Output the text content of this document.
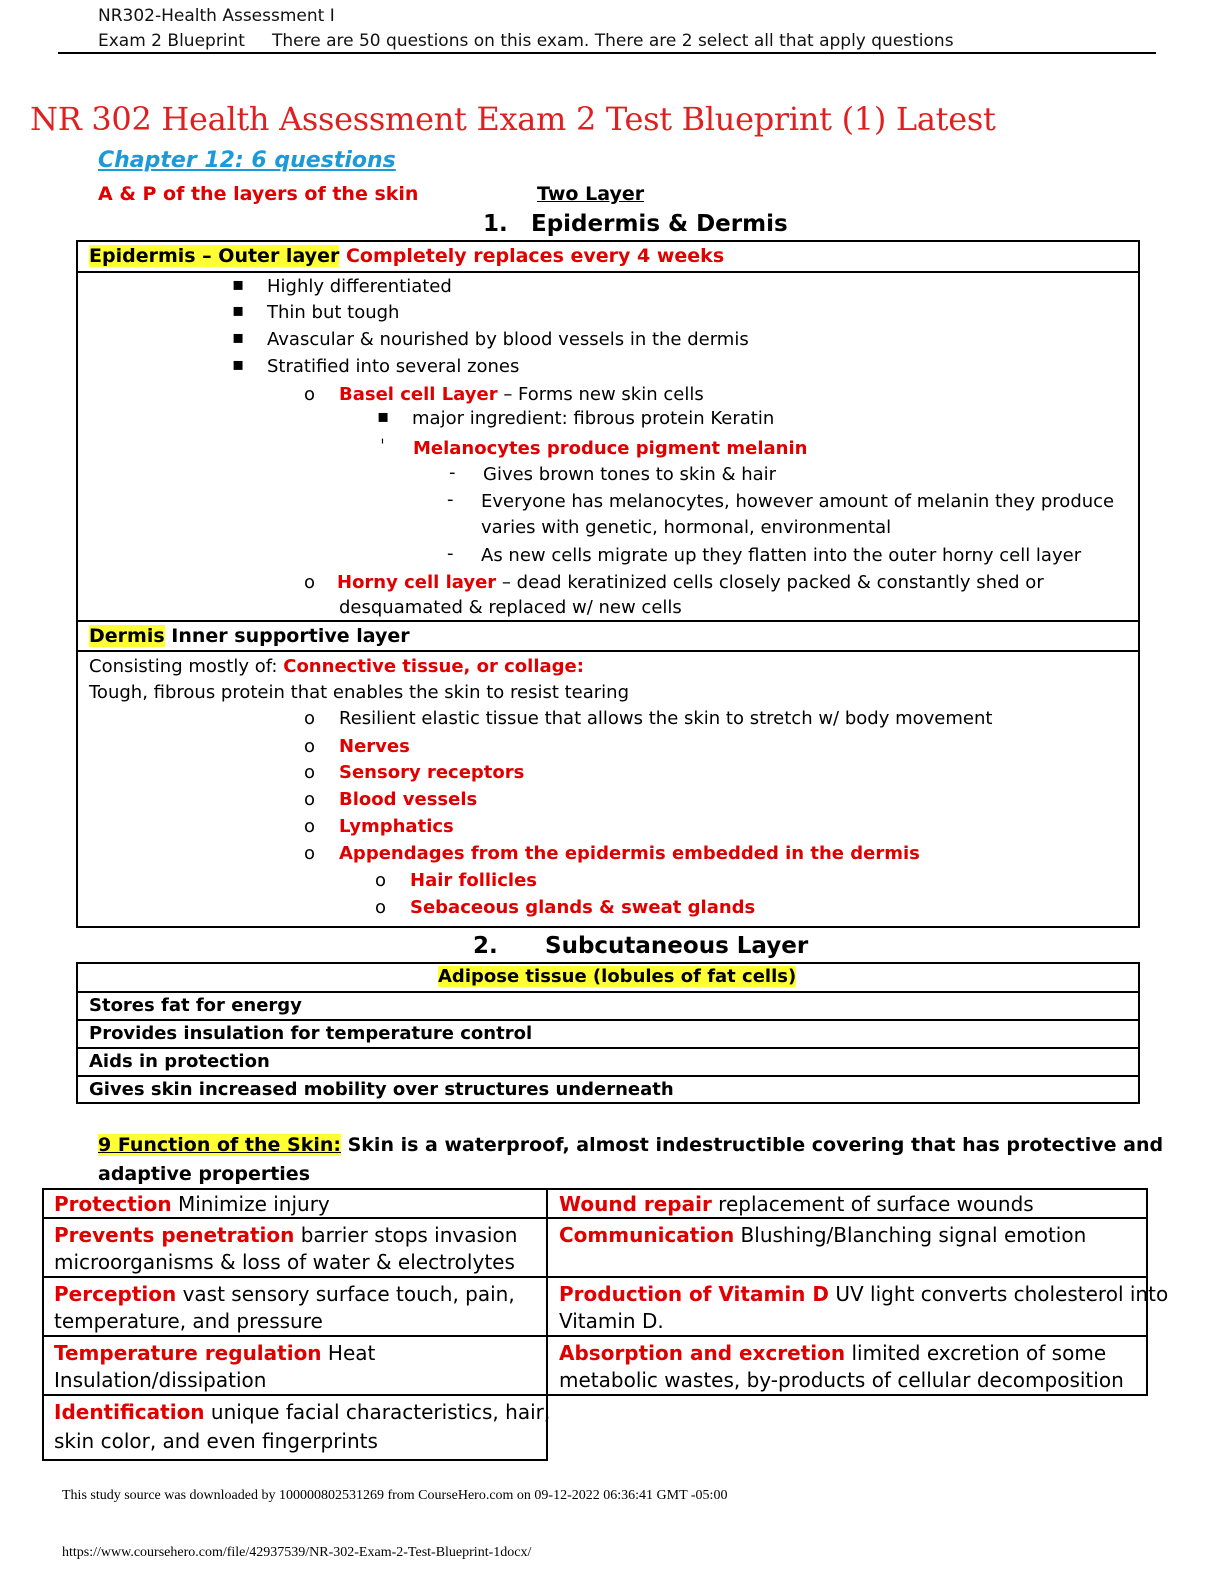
NR302-Health Assessment I
Exam 2 Blueprint There are 50 questions on this exam. There are 2 select all that apply questions
NR 302 Health Assessment Exam 2 Test Blueprint (1) Latest
Chapter 12: 6 questions
A & P of the layers of the skin	Two Layer
1. Epidermis & Dermis
Epidermis – Outer layer Completely replaces every 4 weeks
▪ Highly differentiated
▪ Thin but tough
▪ Avascular & nourished by blood vessels in the dermis
▪ Stratified into several zones
o Basel cell Layer – Forms new skin cells
▪ major ingredient: fibrous protein Keratin
ˈ Melanocytes produce pigment melanin
- Gives brown tones to skin & hair
- Everyone has melanocytes, however amount of melanin they produce
varies with genetic, hormonal, environmental
- As new cells migrate up they flatten into the outer horny cell layer
o Horny cell layer – dead keratinized cells closely packed & constantly shed or
desquamated & replaced w/ new cells
Dermis Inner supportive layer
Consisting mostly of: Connective tissue, or collage:
Tough, fibrous protein that enables the skin to resist tearing
o Resilient elastic tissue that allows the skin to stretch w/ body movement
o Nerves
o Sensory receptors
o Blood vessels
o Lymphatics
o Appendages from the epidermis embedded in the dermis
o Hair follicles
o Sebaceous glands & sweat glands
2. Subcutaneous Layer
Adipose tissue (lobules of fat cells)
Stores fat for energy
Provides insulation for temperature control
Aids in protection
Gives skin increased mobility over structures underneath
9 Function of the Skin: Skin is a waterproof, almost indestructible covering that has protective and
adaptive properties
Protection Minimize injury
Prevents penetration barrier stops invasion
microorganisms & loss of water & electrolytes
Perception vast sensory surface touch, pain,
temperature, and pressure
Temperature regulation Heat
Insulation/dissipation
Identification unique facial characteristics, hair,
skin color, and even fingerprints
Wound repair replacement of surface wounds
Communication Blushing/Blanching signal emotion
Production of Vitamin D UV light converts cholesterol into
Vitamin D.
Absorption and excretion limited excretion of some
metabolic wastes, by-products of cellular decomposition
This study source was downloaded by 100000802531269 from CourseHero.com on 09-12-2022 06:36:41 GMT -05:00
https://www.coursehero.com/file/42937539/NR-302-Exam-2-Test-Blueprint-1docx/
